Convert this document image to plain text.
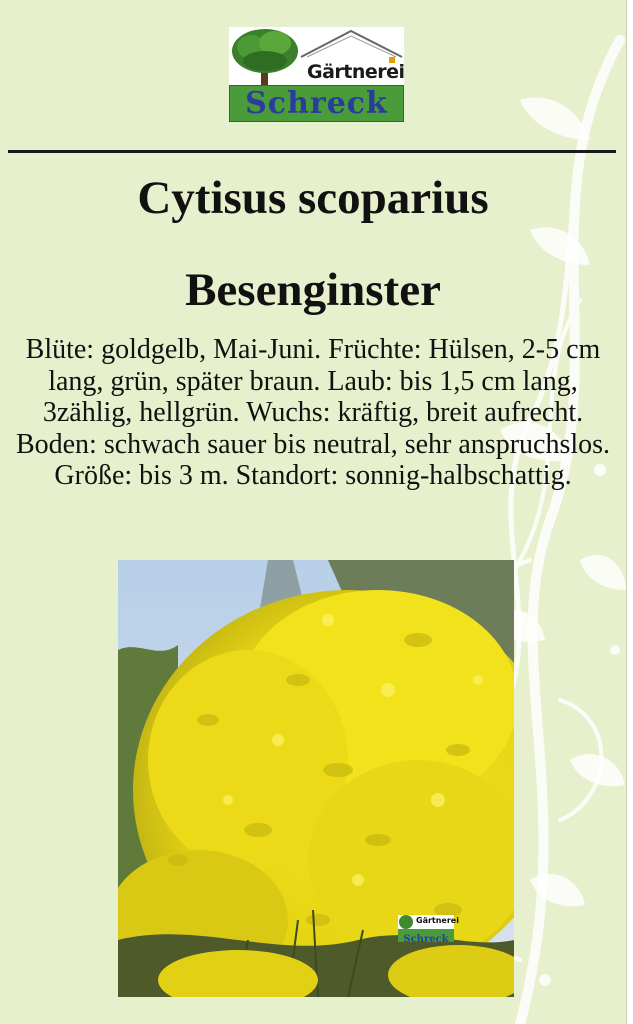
Gärtnerei
Schreck
Cytisus scoparius
Besenginster
Blüte: goldgelb, Mai-Juni. Früchte: Hülsen, 2-5 cm lang, grün, später braun. Laub: bis 1,5 cm lang, 3zählig, hellgrün. Wuchs: kräftig, breit aufrecht. Boden: schwach sauer bis neutral, sehr anspruchslos. Größe: bis 3 m. Standort: sonnig-halbschattig.
Gärtnerei
Schreck
